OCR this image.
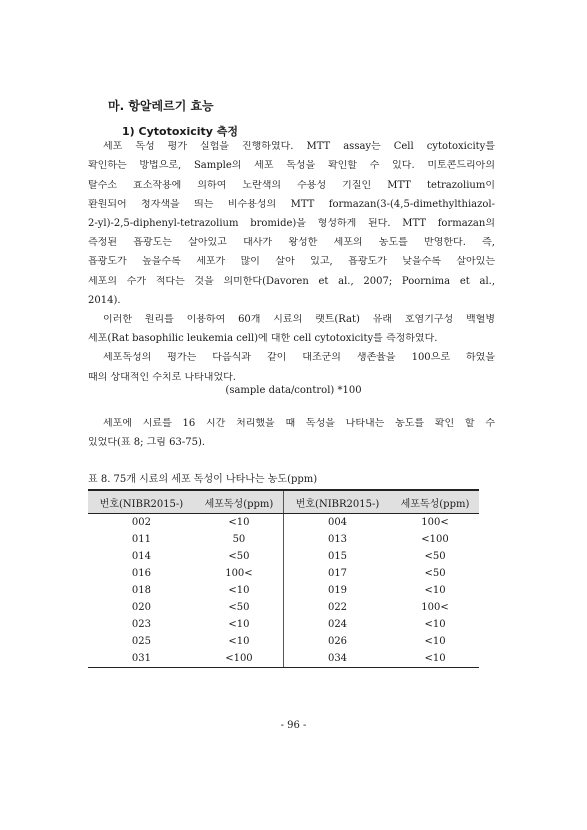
마. 항알레르기 효능
1) Cytotoxicity 측정
세포 독성 평가 실험을 진행하였다. MTT assay는 Cell cytotoxicity를
확인하는 방법으로, Sample의 세포 독성을 확인할 수 있다. 미토콘드리아의
탈수소 효소작용에 의하여 노란색의 수용성 기질인 MTT tetrazolium이
환원되어 청자색을 띄는 비수용성의 MTT formazan(3-(4,5-dimethylthiazol-
2-yl)-2,5-diphenyl-tetrazolium bromide)을 형성하게 된다. MTT formazan의
측정된 흡광도는 살아있고 대사가 왕성한 세포의 농도를 반영한다. 즉,
흡광도가 높을수록 세포가 많이 살아 있고, 흡광도가 낮을수록 살아있는
세포의 수가 적다는 것을 의미한다(Davoren et al., 2007; Poornima et al.,
2014).
이러한 원리를 이용하여 60개 시료의 랫트(Rat) 유래 호염기구성 백혈병
세포(Rat basophilic leukemia cell)에 대한 cell cytotoxicity를 측정하였다.
세포독성의 평가는 다음식과 같이 대조군의 생존율을 100으로 하였을
때의 상대적인 수치로 나타내었다.
(sample data/control) *100
세포에 시료를 16 시간 처리했을 때 독성을 나타내는 농도를 확인 할 수
있었다(표 8; 그림 63-75).
표 8. 75개 시료의 세포 독성이 나타나는 농도(ppm)
번호(NIBR2015-)	세포독성(ppm)	번호(NIBR2015-)	세포독성(ppm)
002	<10	004	100<
011	50	013	<100
014	<50	015	<50
016	100<	017	<50
018	<10	019	<10
020	<50	022	100<
023	<10	024	<10
025	<10	026	<10
031	<100	034	<10
- 96 -
